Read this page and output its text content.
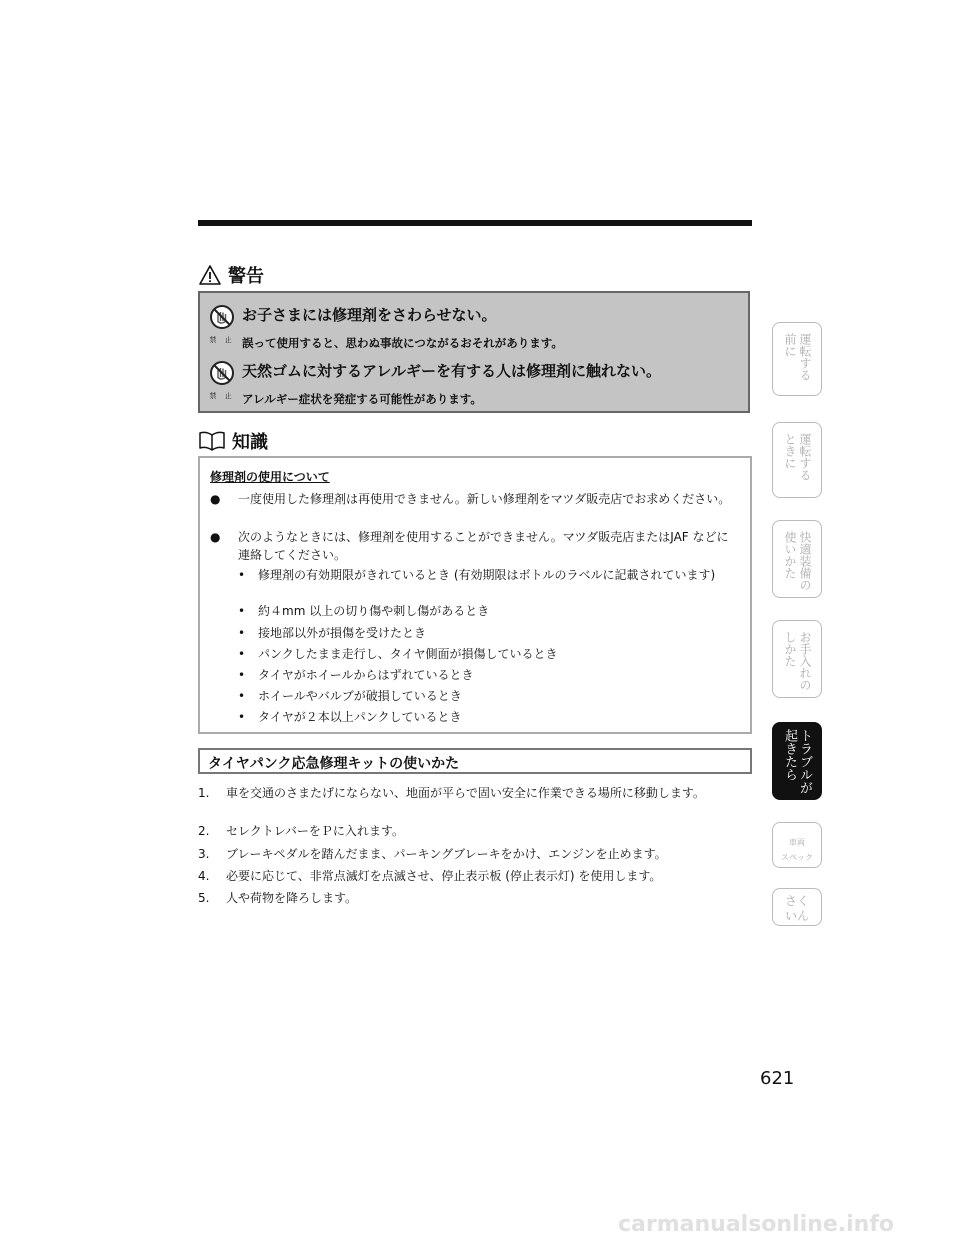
警告
禁 止
お子さまには修理剤をさわらせない。
誤って使用すると、思わぬ事故につながるおそれがあります。
禁 止
天然ゴムに対するアレルギーを有する人は修理剤に触れない。
アレルギー症状を発症する可能性があります。
知識
修理剤の使用について
● 一度使用した修理剤は再使用できません。新しい修理剤をマツダ販売店でお求めください。
● 次のようなときには、修理剤を使用することができません。マツダ販売店またはJAF などに連絡してください。
• 修理剤の有効期限がきれているとき (有効期限はボトルのラベルに記載されています)
• 約４mm 以上の切り傷や刺し傷があるとき
• 接地部以外が損傷を受けたとき
• パンクしたまま走行し、タイヤ側面が損傷しているとき
• タイヤがホイールからはずれているとき
• ホイールやバルブが破損しているとき
• タイヤが２本以上パンクしているとき
タイヤパンク応急修理キットの使いかた
1. 車を交通のさまたげにならない、地面が平らで固い安全に作業できる場所に移動します。
2. セレクトレバーをＰに入れます。
3. ブレーキペダルを踏んだまま、パーキングブレーキをかけ、エンジンを止めます。
4. 必要に応じて、非常点滅灯を点滅させ、停止表示板 (停止表示灯) を使用します。
5. 人や荷物を降ろします。
運転する
前に
運転する
ときに
快適装備の
使いかた
お手入れの
しかた
トラブルが
起きたら
車両
スペック
さく
いん
621
carmanualsonline.info
